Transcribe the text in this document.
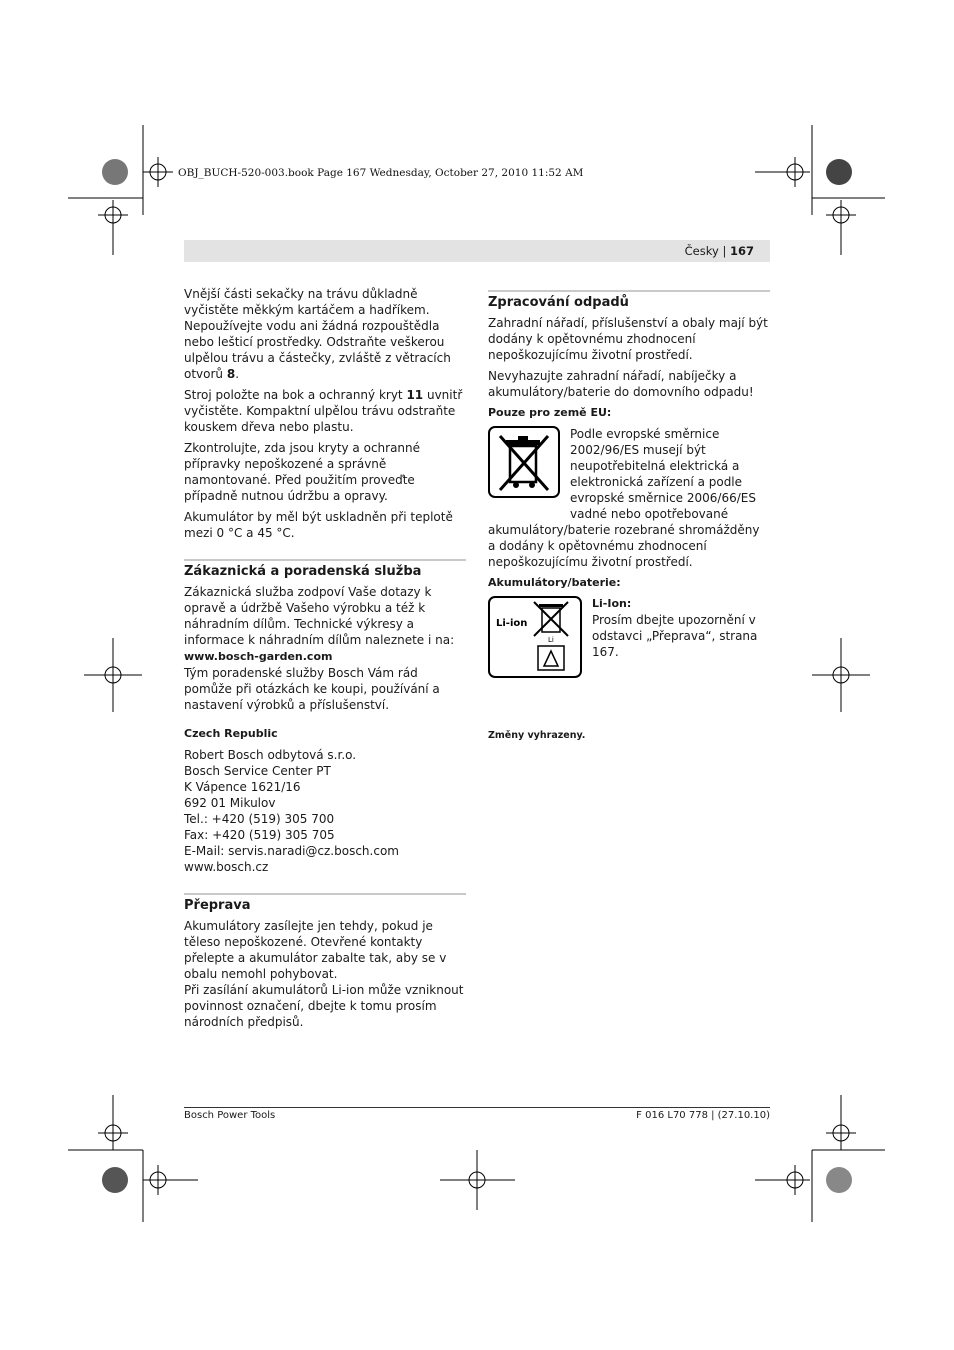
OBJ_BUCH-520-003.book Page 167 Wednesday, October 27, 2010 11:52 AM
Česky | 167

Vnější části sekačky na trávu důkladně vyčistěte měkkým kartáčem a hadříkem. Nepoužívejte vodu ani žádná rozpouštědla nebo lešticí prostředky. Odstraňte veškerou ulpělou trávu a částečky, zvláště z větracích otvorů 8.

Stroj položte na bok a ochranný kryt 11 uvnitř vyčistěte. Kompaktní ulpělou trávu odstraňte kouskem dřeva nebo plastu.

Zkontrolujte, zda jsou kryty a ochranné přípravky nepoškozené a správně namontované. Před použitím proveďte případně nutnou údržbu a opravy.

Akumulátor by měl být uskladněn při teplotě mezi 0 °C a 45 °C.

Zákaznická a poradenská služba

Zákaznická služba zodpoví Vaše dotazy k opravě a údržbě Vašeho výrobku a též k náhradním dílům. Technické výkresy a informace k náhradním dílům naleznete i na:
www.bosch-garden.com
Tým poradenské služby Bosch Vám rád pomůže při otázkách ke koupi, používání a nastavení výrobků a příslušenství.

Czech Republic
Robert Bosch odbytová s.r.o.
Bosch Service Center PT
K Vápence 1621/16
692 01 Mikulov
Tel.: +420 (519) 305 700
Fax: +420 (519) 305 705
E-Mail: servis.naradi@cz.bosch.com
www.bosch.cz
Přeprava

Akumulátory zasílejte jen tehdy, pokud je těleso nepoškozené. Otevřené kontakty přelepte a akumulátor zabalte tak, aby se v obalu nemohl pohybovat.
Při zasílání akumulátorů Li-ion může vzniknout povinnost označení, dbejte k tomu prosím národních předpisů.

Zpracování odpadů

Zahradní nářadí, příslušenství a obaly mají být dodány k opětovnému zhodnocení nepoškozujícímu životní prostředí.

Nevyhazujte zahradní nářadí, nabíječky a akumulátory/baterie do domovního odpadu!

Pouze pro země EU:
Podle evropské směrnice 2002/96/ES musejí být neupotřebitelná elektrická a elektronická zařízení a podle evropské směrnice 2006/66/ES vadné nebo opotřebované

akumulátory/baterie rozebrané shromážděny a dodány k opětovnému zhodnocení nepoškozujícímu životní prostředí.

Akumulátory/baterie:
Li-ion
Li
Li-Ion:
Prosím dbejte upozornění v odstavci „Přeprava“, strana 167.
Změny vyhrazeny.
Bosch Power Tools	F 016 L70 778 | (27.10.10)
